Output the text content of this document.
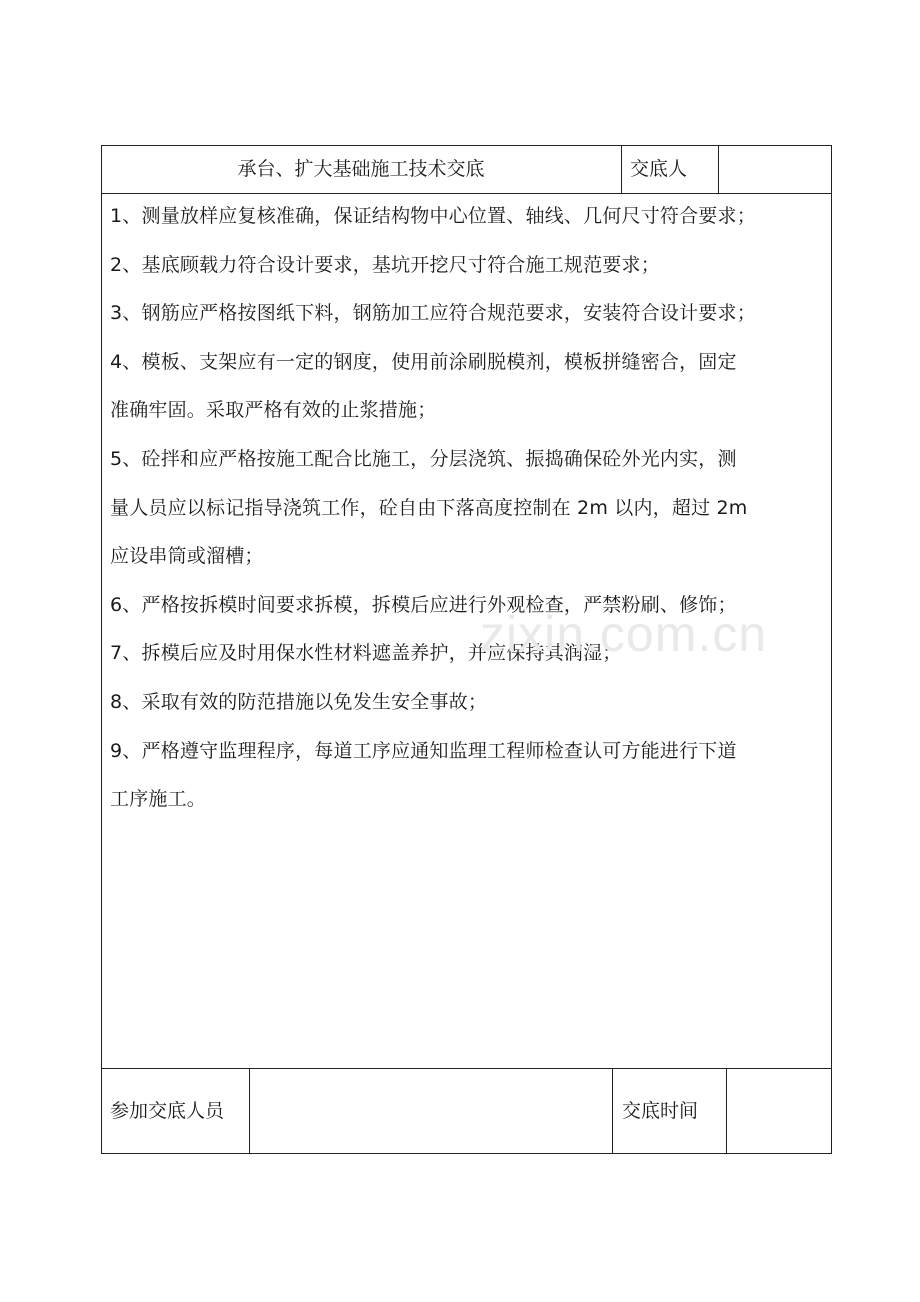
承台、扩大基础施工技术交底	交底人
1、测量放样应复核准确，保证结构物中心位置、轴线、几何尺寸符合要求；
2、基底顾载力符合设计要求，基坑开挖尺寸符合施工规范要求；
3、钢筋应严格按图纸下料，钢筋加工应符合规范要求，安装符合设计要求；
4、模板、支架应有一定的钢度，使用前涂刷脱模剂，模板拼缝密合，固定
准确牢固。采取严格有效的止浆措施；
5、砼拌和应严格按施工配合比施工，分层浇筑、振捣确保砼外光内实，测
量人员应以标记指导浇筑工作，砼自由下落高度控制在 2m 以内，超过 2m
应设串筒或溜槽；
6、严格按拆模时间要求拆模，拆模后应进行外观检查，严禁粉刷、修饰；
7、拆模后应及时用保水性材料遮盖养护，并应保持其润湿；
8、采取有效的防范措施以免发生安全事故；
9、严格遵守监理程序，每道工序应通知监理工程师检查认可方能进行下道
工序施工。
参加交底人员	交底时间
zixin.com.cn
